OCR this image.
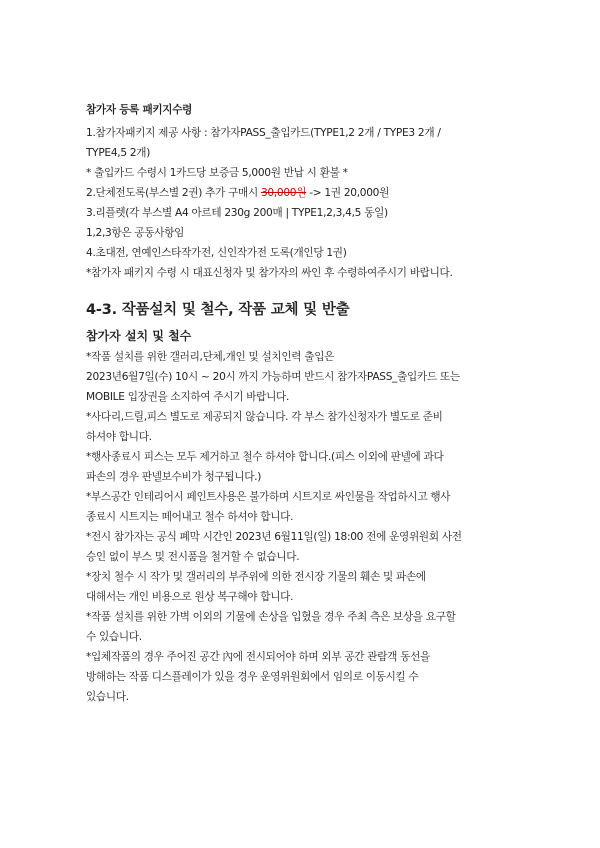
참가자 등록 패키지수령
1.참가자패키지 제공 사항 : 참가자PASS_출입카드(TYPE1,2 2개 / TYPE3 2개 /
TYPE4,5 2개)
* 출입카드 수령시 1카드당 보증금 5,000원 반납 시 환불 *
2.단체전도록(부스별 2권) 추가 구매시 30,000원 -> 1권 20,000원
3.리플렛(각 부스별 A4 아르테 230g 200매 | TYPE1,2,3,4,5 동일)
1,2,3항은 공동사항임
4.초대전, 연예인스타작가전, 신인작가전 도록(개인당 1권)
*참가자 패키지 수령 시 대표신청자 및 참가자의 싸인 후 수령하여주시기 바랍니다.
4-3. 작품설치 및 철수, 작품 교체 및 반출
참가자 설치 및 철수
*작품 설치를 위한 갤러리,단체,개인 및 설치인력 출입은
2023년6월7일(수) 10시 ~ 20시 까지 가능하며 반드시 참가자PASS_출입카드 또는
MOBILE 입장권을 소지하여 주시기 바랍니다.
*사다리,드릴,피스 별도로 제공되지 않습니다. 각 부스 참가신청자가 별도로 준비
하셔야 합니다.
*행사종료시 피스는 모두 제거하고 철수 하셔야 합니다.(피스 이외에 판넬에 과다
파손의 경우 판넬보수비가 청구됩니다.)
*부스공간 인테리어시 페인트사용은 불가하며 시트지로 싸인물을 작업하시고 행사
종료시 시트지는 떼어내고 철수 하셔야 합니다.
*전시 참가자는 공식 폐막 시간인 2023년 6월11일(일) 18:00 전에 운영위원회 사전
승인 없이 부스 및 전시품을 철거할 수 없습니다.
*장치 철수 시 작가 및 갤러리의 부주위에 의한 전시장 기물의 훼손 및 파손에
대해서는 개인 비용으로 원상 복구해야 합니다.
*작품 설치를 위한 가벽 이외의 기물에 손상을 입혔을 경우 주최 측은 보상을 요구할
수 있습니다.
*입체작품의 경우 주어진 공간 內에 전시되어야 하며 외부 공간 관람객 동선을
방해하는 작품 디스플레이가 있을 경우 운영위원회에서 임의로 이동시킬 수
있습니다.
